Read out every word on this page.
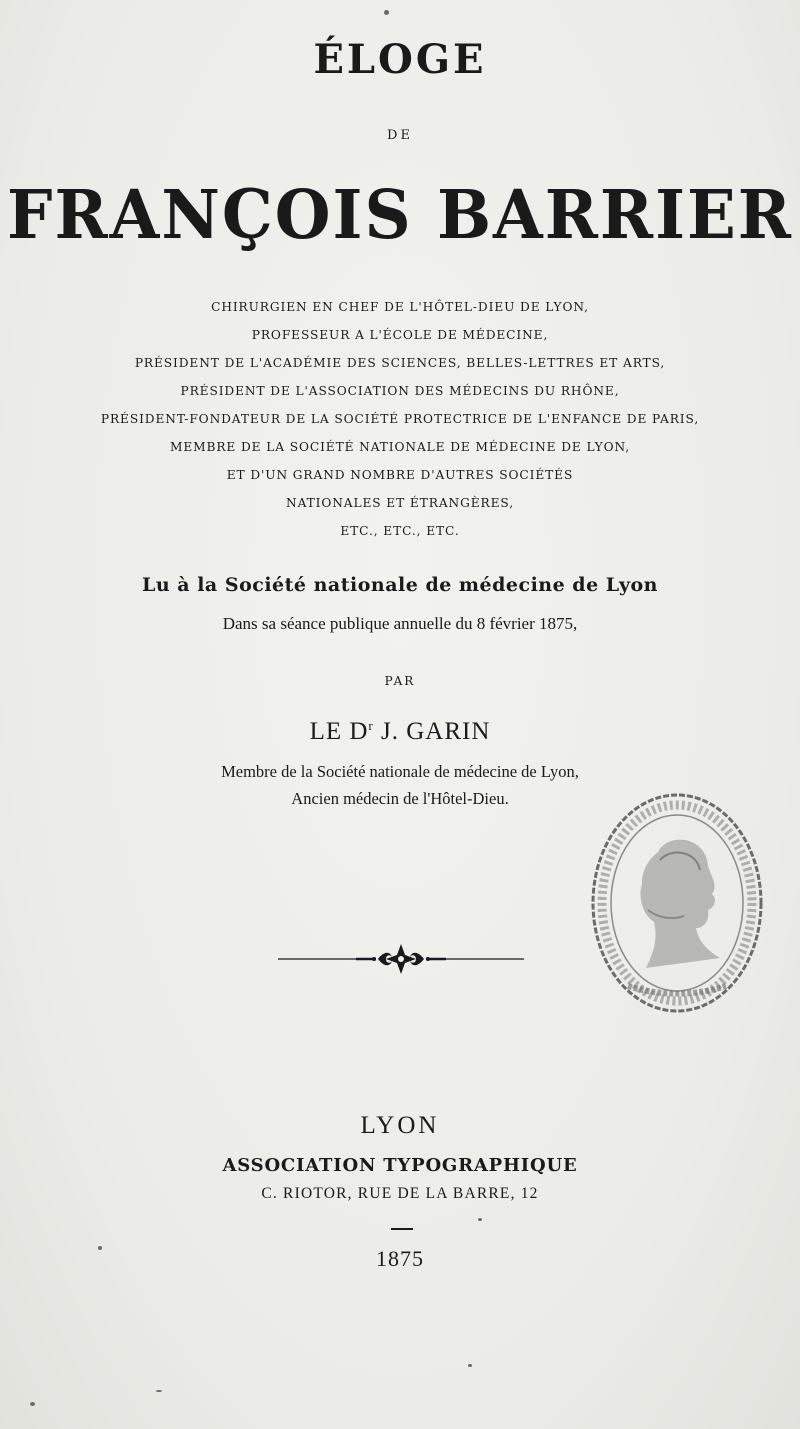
ÉLOGE
DE
FRANÇOIS BARRIER
CHIRURGIEN EN CHEF DE L'HÔTEL-DIEU DE LYON,
PROFESSEUR A L'ÉCOLE DE MÉDECINE,
PRÉSIDENT DE L'ACADÉMIE DES SCIENCES, BELLES-LETTRES ET ARTS,
PRÉSIDENT DE L'ASSOCIATION DES MÉDECINS DU RHÔNE,
PRÉSIDENT-FONDATEUR DE LA SOCIÉTÉ PROTECTRICE DE L'ENFANCE DE PARIS,
MEMBRE DE LA SOCIÉTÉ NATIONALE DE MÉDECINE DE LYON,
ET D'UN GRAND NOMBRE D'AUTRES SOCIÉTÉS
NATIONALES ET ÉTRANGÈRES,
ETC., ETC., ETC.
Lu à la Société nationale de médecine de Lyon
Dans sa séance publique annuelle du 8 février 1875,
PAR
LE $D^r$ J. GARIN
Membre de la Société nationale de médecine de Lyon,
Ancien médecin de l'Hôtel-Dieu.
LYON
ASSOCIATION TYPOGRAPHIQUE
C. RIOTOR, RUE DE LA BARRE, 12
1875
